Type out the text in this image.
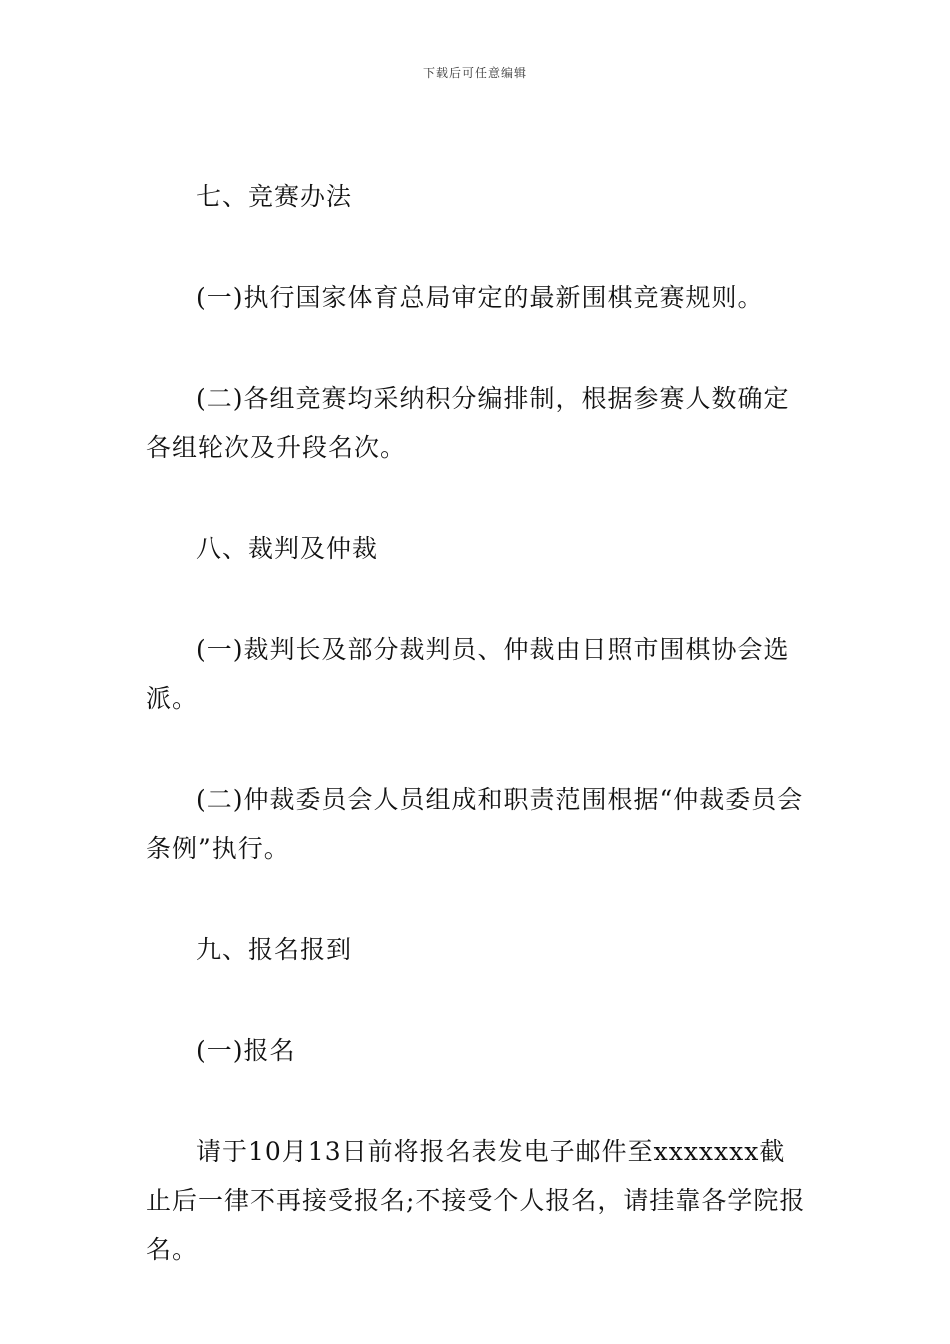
下载后可任意编辑

七、竞赛办法

(一)执行国家体育总局审定的最新围棋竞赛规则。

(二)各组竞赛均采纳积分编排制，根据参赛人数确定各组轮次及升段名次。

八、裁判及仲裁

(一)裁判长及部分裁判员、仲裁由日照市围棋协会选派。

(二)仲裁委员会人员组成和职责范围根据“仲裁委员会条例”执行。

九、报名报到

(一)报名

请于10月13日前将报名表发电子邮件至xxxxxxx截止后一律不再接受报名;不接受个人报名，请挂靠各学院报名。
